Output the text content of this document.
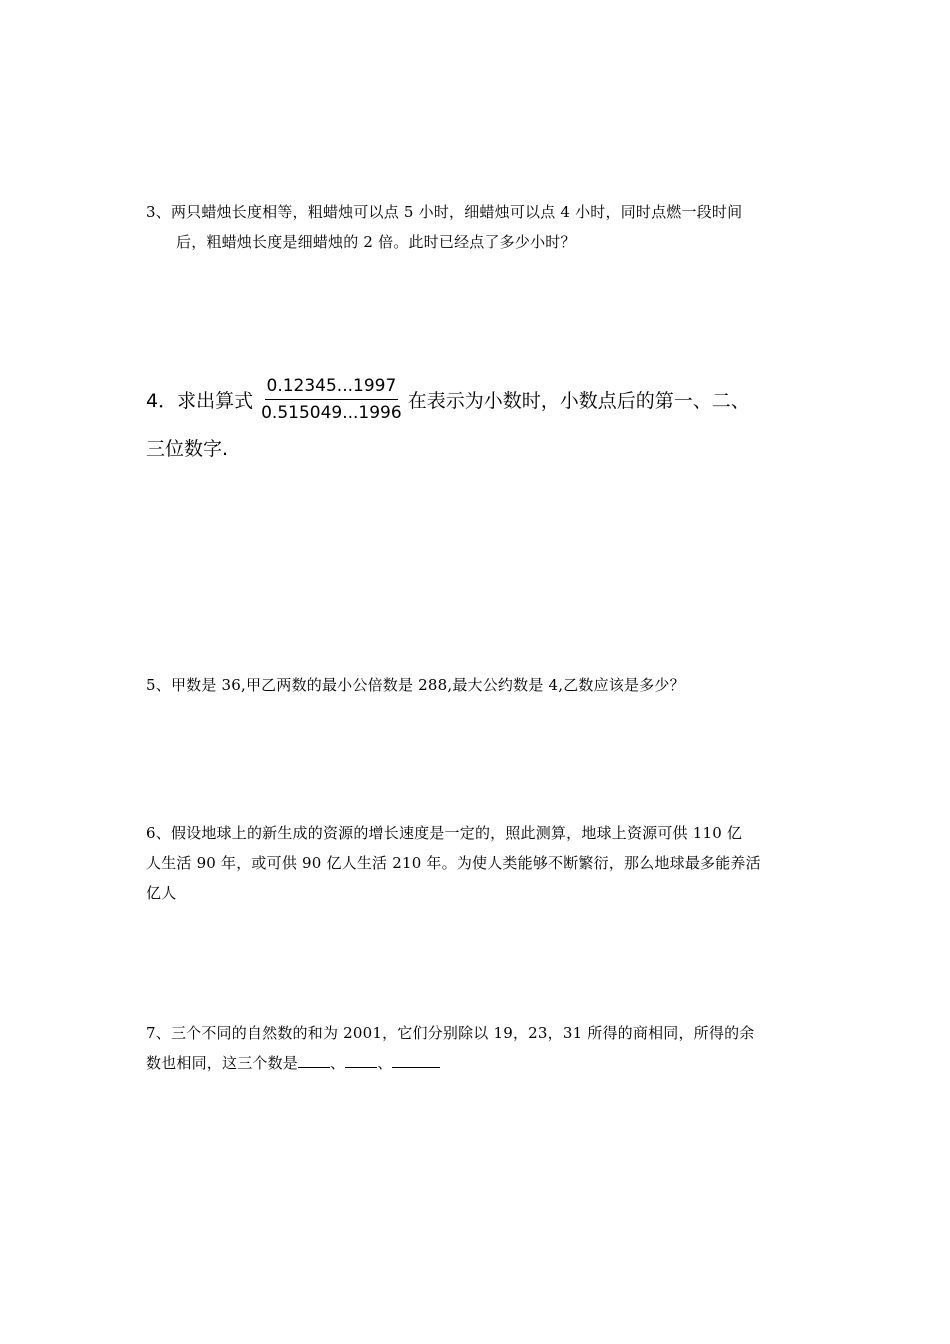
3、两只蜡烛长度相等，粗蜡烛可以点 5 小时，细蜡烛可以点 4 小时，同时点燃一段时间
后，粗蜡烛长度是细蜡烛的 2 倍。此时已经点了多少小时？
4．求出算式 $\frac{0.12345...1997}{0.515049...1996}$ 在表示为小数时，小数点后的第一、二、
三位数字.
5、甲数是 36,甲乙两数的最小公倍数是 288,最大公约数是 4,乙数应该是多少？
6、假设地球上的新生成的资源的增长速度是一定的，照此测算，地球上资源可供 110 亿
人生活 90 年，或可供 90 亿人生活 210 年。为使人类能够不断繁衍，那么地球最多能养活
亿人
7、三个不同的自然数的和为 2001，它们分别除以 19，23，31 所得的商相同，所得的余
数也相同，这三个数是 、 、
